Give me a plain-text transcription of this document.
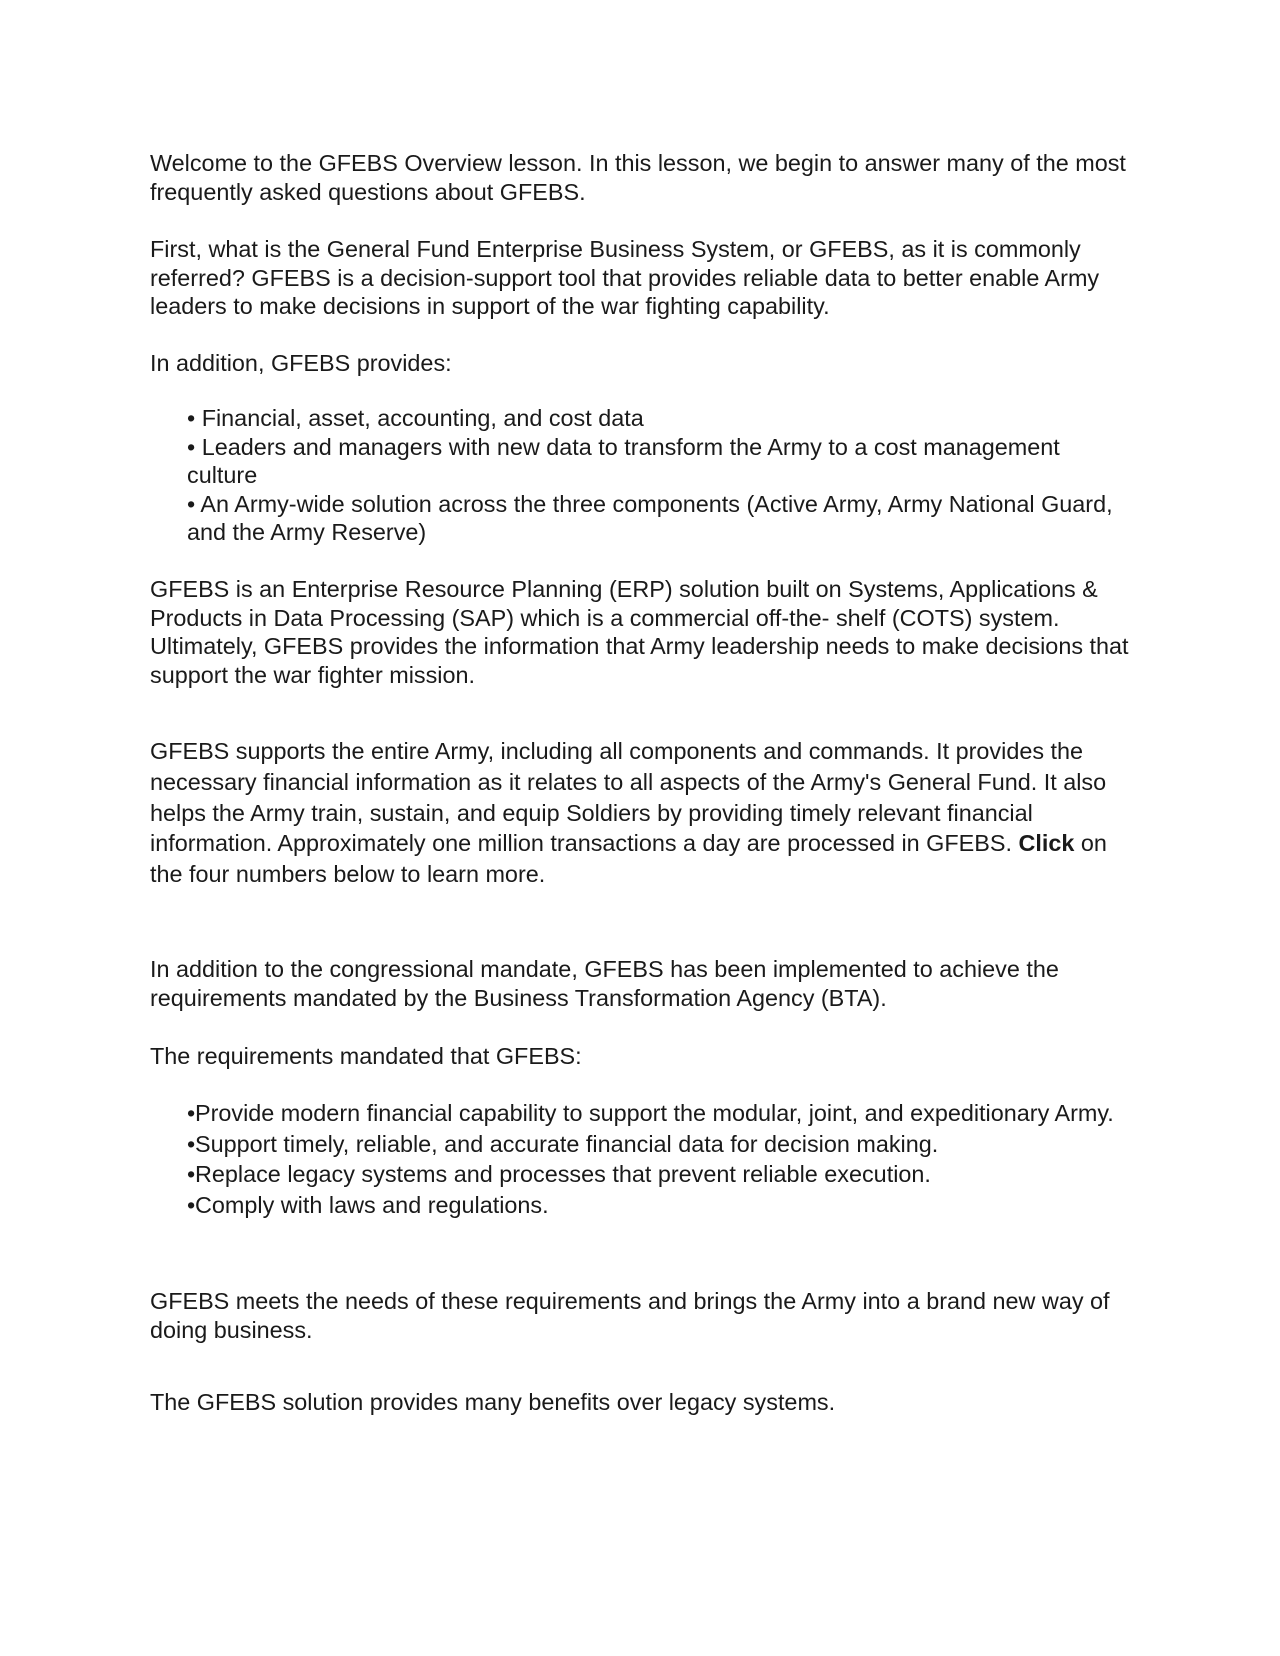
Welcome to the GFEBS Overview lesson. In this lesson, we begin to answer many of the most frequently asked questions about GFEBS.

First, what is the General Fund Enterprise Business System, or GFEBS, as it is commonly referred? GFEBS is a decision-support tool that provides reliable data to better enable Army leaders to make decisions in support of the war fighting capability.

In addition, GFEBS provides:

• Financial, asset, accounting, and cost data
• Leaders and managers with new data to transform the Army to a cost management culture
• An Army-wide solution across the three components (Active Army, Army National Guard, and the Army Reserve)

GFEBS is an Enterprise Resource Planning (ERP) solution built on Systems, Applications & Products in Data Processing (SAP) which is a commercial off-the- shelf (COTS) system. Ultimately, GFEBS provides the information that Army leadership needs to make decisions that support the war fighter mission.

GFEBS supports the entire Army, including all components and commands. It provides the necessary financial information as it relates to all aspects of the Army's General Fund. It also helps the Army train, sustain, and equip Soldiers by providing timely relevant financial information. Approximately one million transactions a day are processed in GFEBS. Click on the four numbers below to learn more.

In addition to the congressional mandate, GFEBS has been implemented to achieve the requirements mandated by the Business Transformation Agency (BTA).

The requirements mandated that GFEBS:

•Provide modern financial capability to support the modular, joint, and expeditionary Army.
•Support timely, reliable, and accurate financial data for decision making.
•Replace legacy systems and processes that prevent reliable execution.
•Comply with laws and regulations.

GFEBS meets the needs of these requirements and brings the Army into a brand new way of doing business.

The GFEBS solution provides many benefits over legacy systems.
